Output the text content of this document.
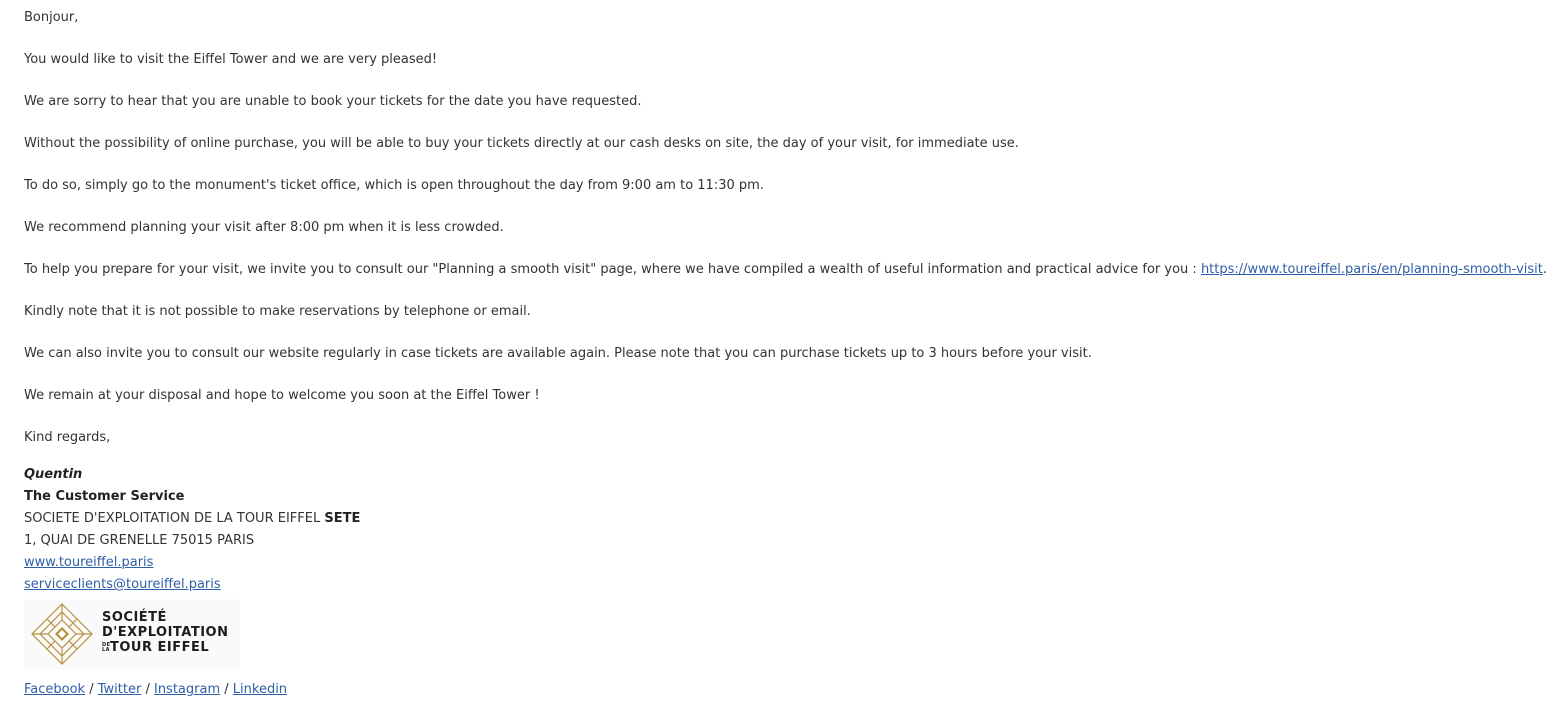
Bonjour,
You would like to visit the Eiffel Tower and we are very pleased!
We are sorry to hear that you are unable to book your tickets for the date you have requested.
Without the possibility of online purchase, you will be able to buy your tickets directly at our cash desks on site, the day of your visit, for immediate use.
To do so, simply go to the monument's ticket office, which is open throughout the day from 9:00 am to 11:30 pm.
We recommend planning your visit after 8:00 pm when it is less crowded.
To help you prepare for your visit, we invite you to consult our "Planning a smooth visit" page, where we have compiled a wealth of useful information and practical advice for you : https://www.toureiffel.paris/en/planning-smooth-visit.
Kindly note that it is not possible to make reservations by telephone or email.
We can also invite you to consult our website regularly in case tickets are available again. Please note that you can purchase tickets up to 3 hours before your visit.
We remain at your disposal and hope to welcome you soon at the Eiffel Tower !
Kind regards,
Quentin
The Customer Service
SOCIETE D'EXPLOITATION DE LA TOUR EIFFEL SETE
1, QUAI DE GRENELLE 75015 PARIS
www.toureiffel.paris
serviceclients@toureiffel.paris
SOCIÉTÉ
D'EXPLOITATION
DE LATOUR EIFFEL
Facebook / Twitter / Instagram / Linkedin
